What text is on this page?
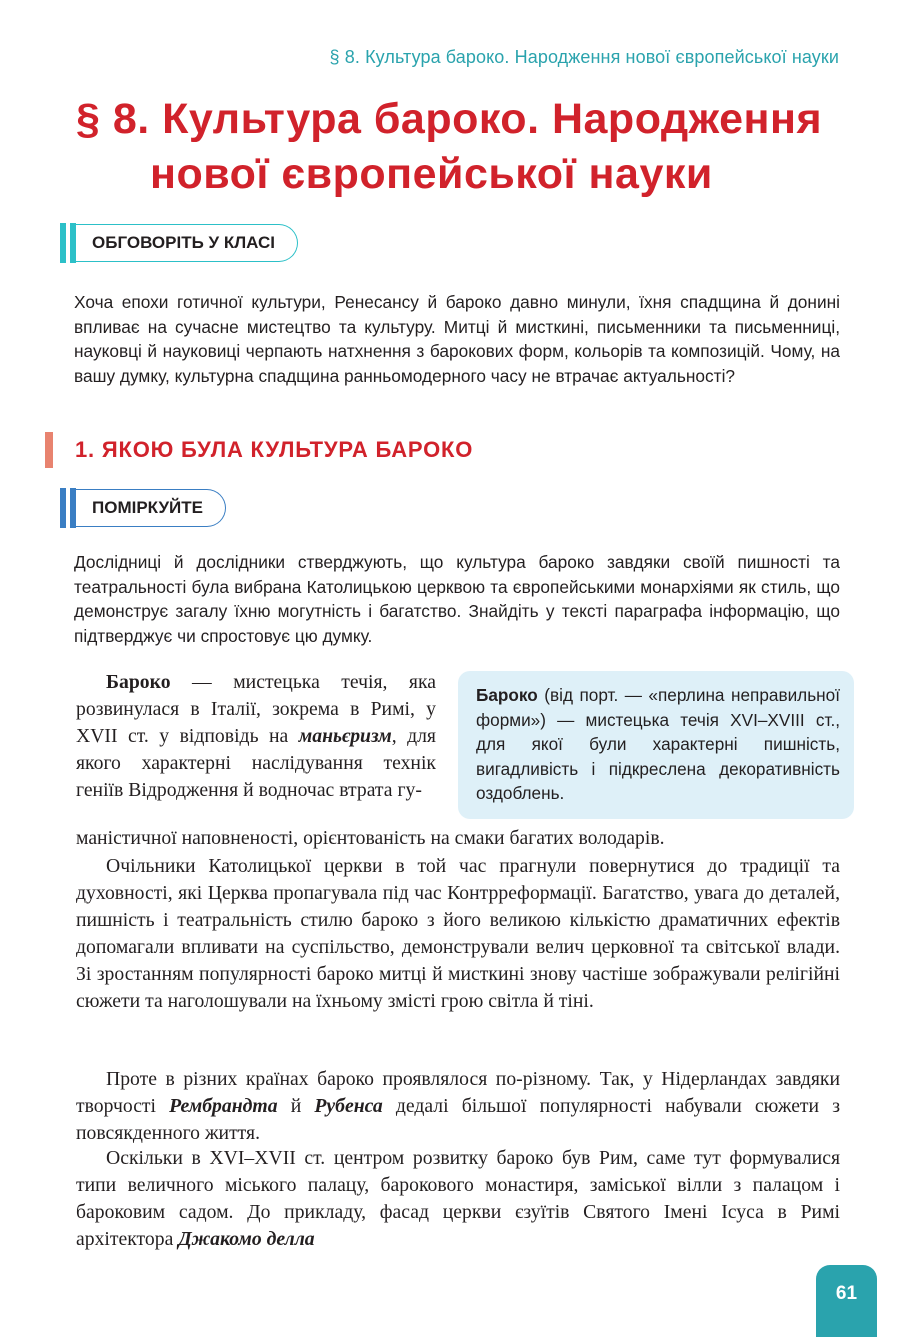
§ 8. Культура бароко. Народження нової європейської науки
§ 8. Культура бароко. Народження
нової європейської науки
ОБГОВОРІТЬ У КЛАСІ

Хоча епохи готичної культури, Ренесансу й бароко давно минули, їхня спадщина й донині впливає на сучасне мистецтво та культуру. Митці й мисткині, письменники та письменниці, науковці й науковиці черпають натхнення з барокових форм, кольорів та композицій. Чому, на вашу думку, культурна спадщина ранньомодерного часу не втрачає актуальності?

1. ЯКОЮ БУЛА КУЛЬТУРА БАРОКО
ПОМІРКУЙТЕ

Дослідниці й дослідники стверджують, що культура бароко завдяки своїй пишності та театральності була вибрана Католицькою церквою та європейськими монархіями як стиль, що демонструє загалу їхню могутність і багатство. Знайдіть у тексті параграфа інформацію, що підтверджує чи спростовує цю думку.

Бароко (від порт. — «перлина неправильної форми») — мистецька течія XVI–XVIII ст., для якої були характерні пишність, вигадливість і підкреслена декоративність оздоблень.

Бароко — мистецька течія, яка розвинулася в Італії, зокрема в Римі, у XVII ст. у відповідь на маньєризм, для якого характерні наслідування технік геніїв Відродження й водночас втрата гу-

маністичної наповненості, орієнтованість на смаки багатих володарів.

Очільники Католицької церкви в той час прагнули повернутися до традиції та духовності, які Церква пропагувала під час Контрреформації. Багатство, увага до деталей, пишність і театральність стилю бароко з його великою кількістю драматичних ефектів допомагали впливати на суспільство, демонстрували велич церковної та світської влади. Зі зростанням популярності бароко митці й мисткині знову частіше зображували релігійні сюжети та наголошували на їхньому змісті грою світла й тіні.

Проте в різних країнах бароко проявлялося по-різному. Так, у Нідерландах завдяки творчості Рембрандта й Рубенса дедалі більшої популярності набували сюжети з повсякденного життя.

Оскільки в XVI–XVII ст. центром розвитку бароко був Рим, саме тут формувалися типи величного міського палацу, барокового монастиря, заміської вілли з палацом і бароковим садом. До прикладу, фасад церкви єзуїтів Святого Імені Ісуса в Римі архітектора Джакомо делла

61
